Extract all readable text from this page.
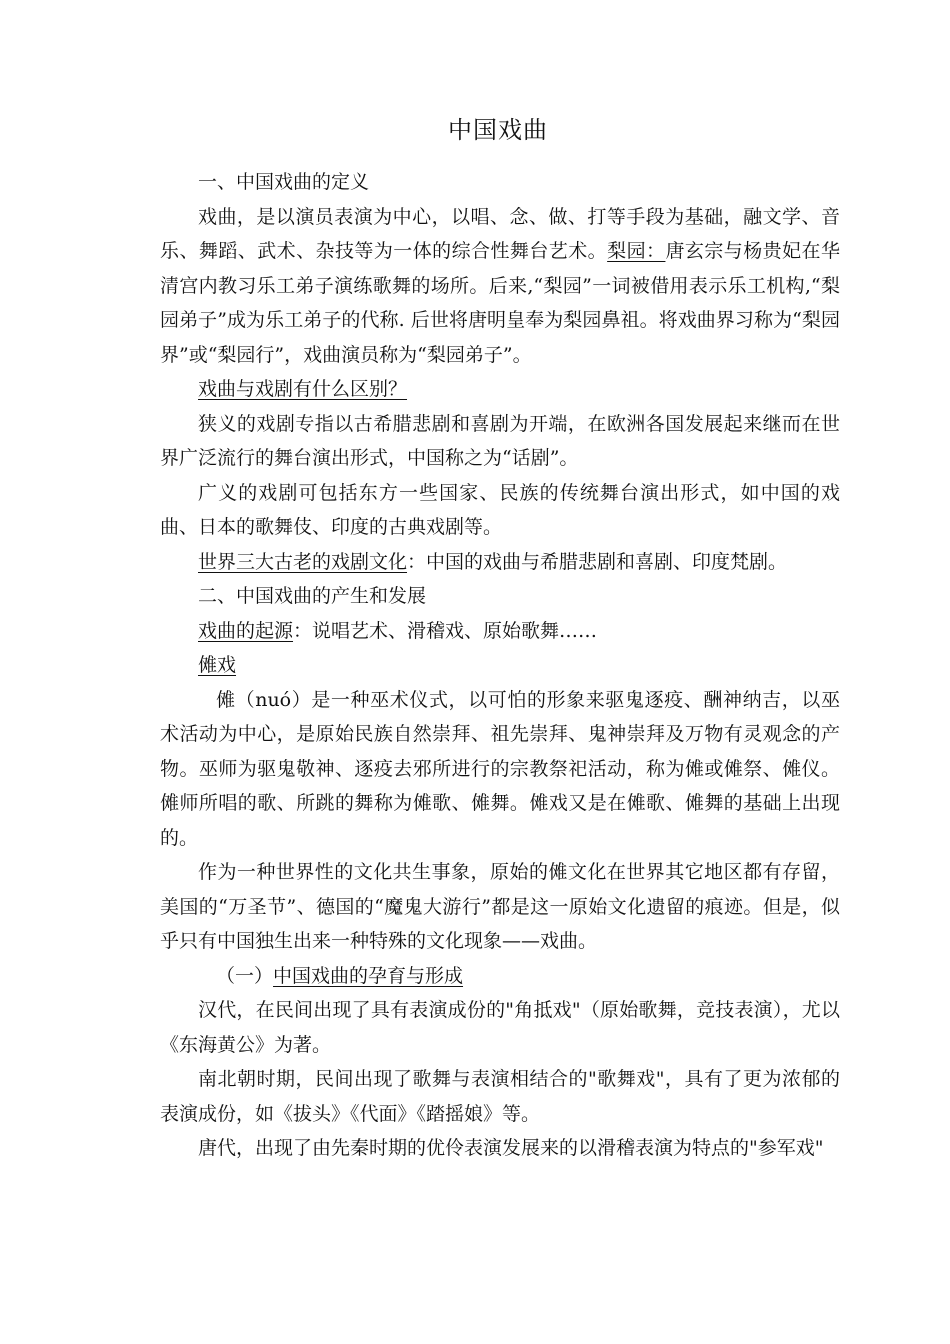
中国戏曲

一、中国戏曲的定义

戏曲，是以演员表演为中心，以唱、念、做、打等手段为基础，融文学、音乐、舞蹈、武术、杂技等为一体的综合性舞台艺术。梨园：唐玄宗与杨贵妃在华清宫内教习乐工弟子演练歌舞的场所。后来,“梨园”一词被借用表示乐工机构,“梨园弟子”成为乐工弟子的代称. 后世将唐明皇奉为梨园鼻祖。将戏曲界习称为“梨园界”或“梨园行”，戏曲演员称为“梨园弟子”。

戏曲与戏剧有什么区别？

狭义的戏剧专指以古希腊悲剧和喜剧为开端，在欧洲各国发展起来继而在世界广泛流行的舞台演出形式，中国称之为“话剧”。

广义的戏剧可包括东方一些国家、民族的传统舞台演出形式，如中国的戏曲、日本的歌舞伎、印度的古典戏剧等。

世界三大古老的戏剧文化：中国的戏曲与希腊悲剧和喜剧、印度梵剧。

二、中国戏曲的产生和发展

戏曲的起源：说唱艺术、滑稽戏、原始歌舞……

傩戏

傩（nuó）是一种巫术仪式，以可怕的形象来驱鬼逐疫、酬神纳吉，以巫术活动为中心，是原始民族自然崇拜、祖先崇拜、鬼神崇拜及万物有灵观念的产物。巫师为驱鬼敬神、逐疫去邪所进行的宗教祭祀活动，称为傩或傩祭、傩仪。傩师所唱的歌、所跳的舞称为傩歌、傩舞。傩戏又是在傩歌、傩舞的基础上出现的。

作为一种世界性的文化共生事象，原始的傩文化在世界其它地区都有存留，美国的“万圣节”、德国的“魔鬼大游行”都是这一原始文化遗留的痕迹。但是，似乎只有中国独生出来一种特殊的文化现象——戏曲。

（一）中国戏曲的孕育与形成

汉代，在民间出现了具有表演成份的"角抵戏"（原始歌舞，竞技表演），尤以《东海黄公》为著。

南北朝时期，民间出现了歌舞与表演相结合的"歌舞戏"，具有了更为浓郁的表演成份，如《拔头》《代面》《踏摇娘》等。

唐代，出现了由先秦时期的优伶表演发展来的以滑稽表演为特点的"参军戏"
